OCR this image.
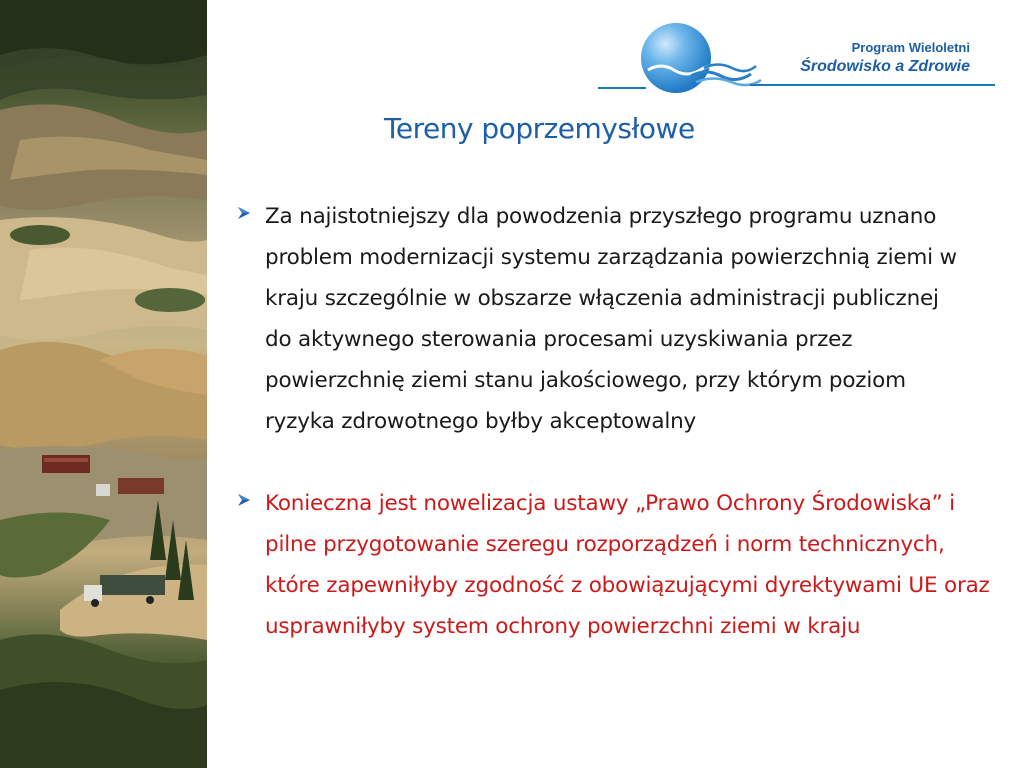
Program Wieloletni
Środowisko a Zdrowie
Tereny poprzemysłowe
Za najistotniejszy dla powodzenia przyszłego programu uznano problem modernizacji systemu zarządzania powierzchnią ziemi w kraju szczególnie w obszarze włączenia administracji publicznej do aktywnego sterowania procesami uzyskiwania przez powierzchnię ziemi stanu jakościowego, przy którym poziom ryzyka zdrowotnego byłby akceptowalny
Konieczna jest nowelizacja ustawy „Prawo Ochrony Środowiska” i pilne przygotowanie szeregu rozporządzeń i norm technicznych, które zapewniłyby zgodność z obowiązującymi dyrektywami UE oraz usprawniłyby system ochrony powierzchni ziemi w kraju
